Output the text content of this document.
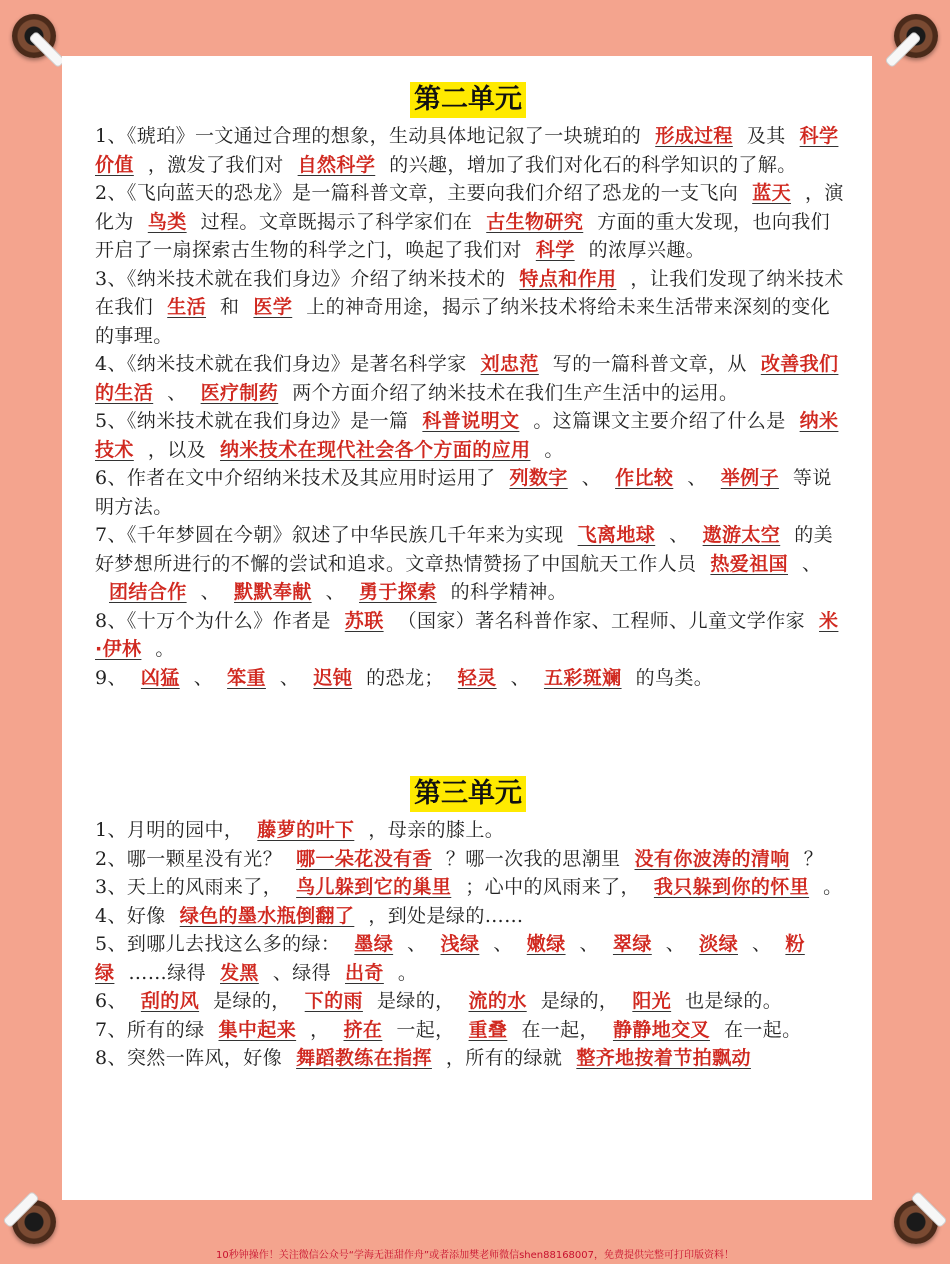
第二单元

1、《琥珀》一文通过合理的想象，生动具体地记叙了一块琥珀的 形成过程 及其 科学价值 ，激发了我们对 自然科学 的兴趣，增加了我们对化石的科学知识的了解。

2、《飞向蓝天的恐龙》是一篇科普文章，主要向我们介绍了恐龙的一支飞向 蓝天 ，演化为 鸟类 过程。文章既揭示了科学家们在 古生物研究 方面的重大发现，也向我们开启了一扇探索古生物的科学之门，唤起了我们对 科学 的浓厚兴趣。

3、《纳米技术就在我们身边》介绍了纳米技术的 特点和作用 ，让我们发现了纳米技术在我们 生活 和 医学 上的神奇用途，揭示了纳米技术将给未来生活带来深刻的变化的事理。

4、《纳米技术就在我们身边》是著名科学家 刘忠范 写的一篇科普文章，从 改善我们的生活 、 医疗制药 两个方面介绍了纳米技术在我们生产生活中的运用。

5、《纳米技术就在我们身边》是一篇 科普说明文 。这篇课文主要介绍了什么是 纳米技术 ，以及 纳米技术在现代社会各个方面的应用 。

6、作者在文中介绍纳米技术及其应用时运用了 列数字 、 作比较 、 举例子 等说明方法。

7、《千年梦圆在今朝》叙述了中华民族几千年来为实现 飞离地球 、 遨游太空 的美好梦想所进行的不懈的尝试和追求。文章热情赞扬了中国航天工作人员 热爱祖国 、团结合作 、 默默奉献 、 勇于探索 的科学精神。

8、《十万个为什么》作者是 苏联 （国家）著名科普作家、工程师、儿童文学作家 米·伊林 。

9、 凶猛 、 笨重 、 迟钝 的恐龙； 轻灵 、 五彩斑斓 的鸟类。

第三单元

1、月明的园中， 藤萝的叶下 ，母亲的膝上。

2、哪一颗星没有光？ 哪一朵花没有香 ？哪一次我的思潮里 没有你波涛的清响 ？

3、天上的风雨来了， 鸟儿躲到它的巢里 ；心中的风雨来了， 我只躲到你的怀里 。

4、好像 绿色的墨水瓶倒翻了 ，到处是绿的……

5、到哪儿去找这么多的绿： 墨绿 、 浅绿 、 嫩绿 、 翠绿 、 淡绿 、 粉绿 ……绿得 发黑 、绿得 出奇 。

6、 刮的风 是绿的， 下的雨 是绿的， 流的水 是绿的， 阳光 也是绿的。

7、所有的绿 集中起来 ， 挤在 一起， 重叠 在一起， 静静地交叉 在一起。

8、突然一阵风，好像 舞蹈教练在指挥 ，所有的绿就 整齐地按着节拍飘动

10秒钟操作！关注微信公众号“学海无涯甜作舟”或者添加樊老师微信shen88168007，免费提供完整可打印版资料！
